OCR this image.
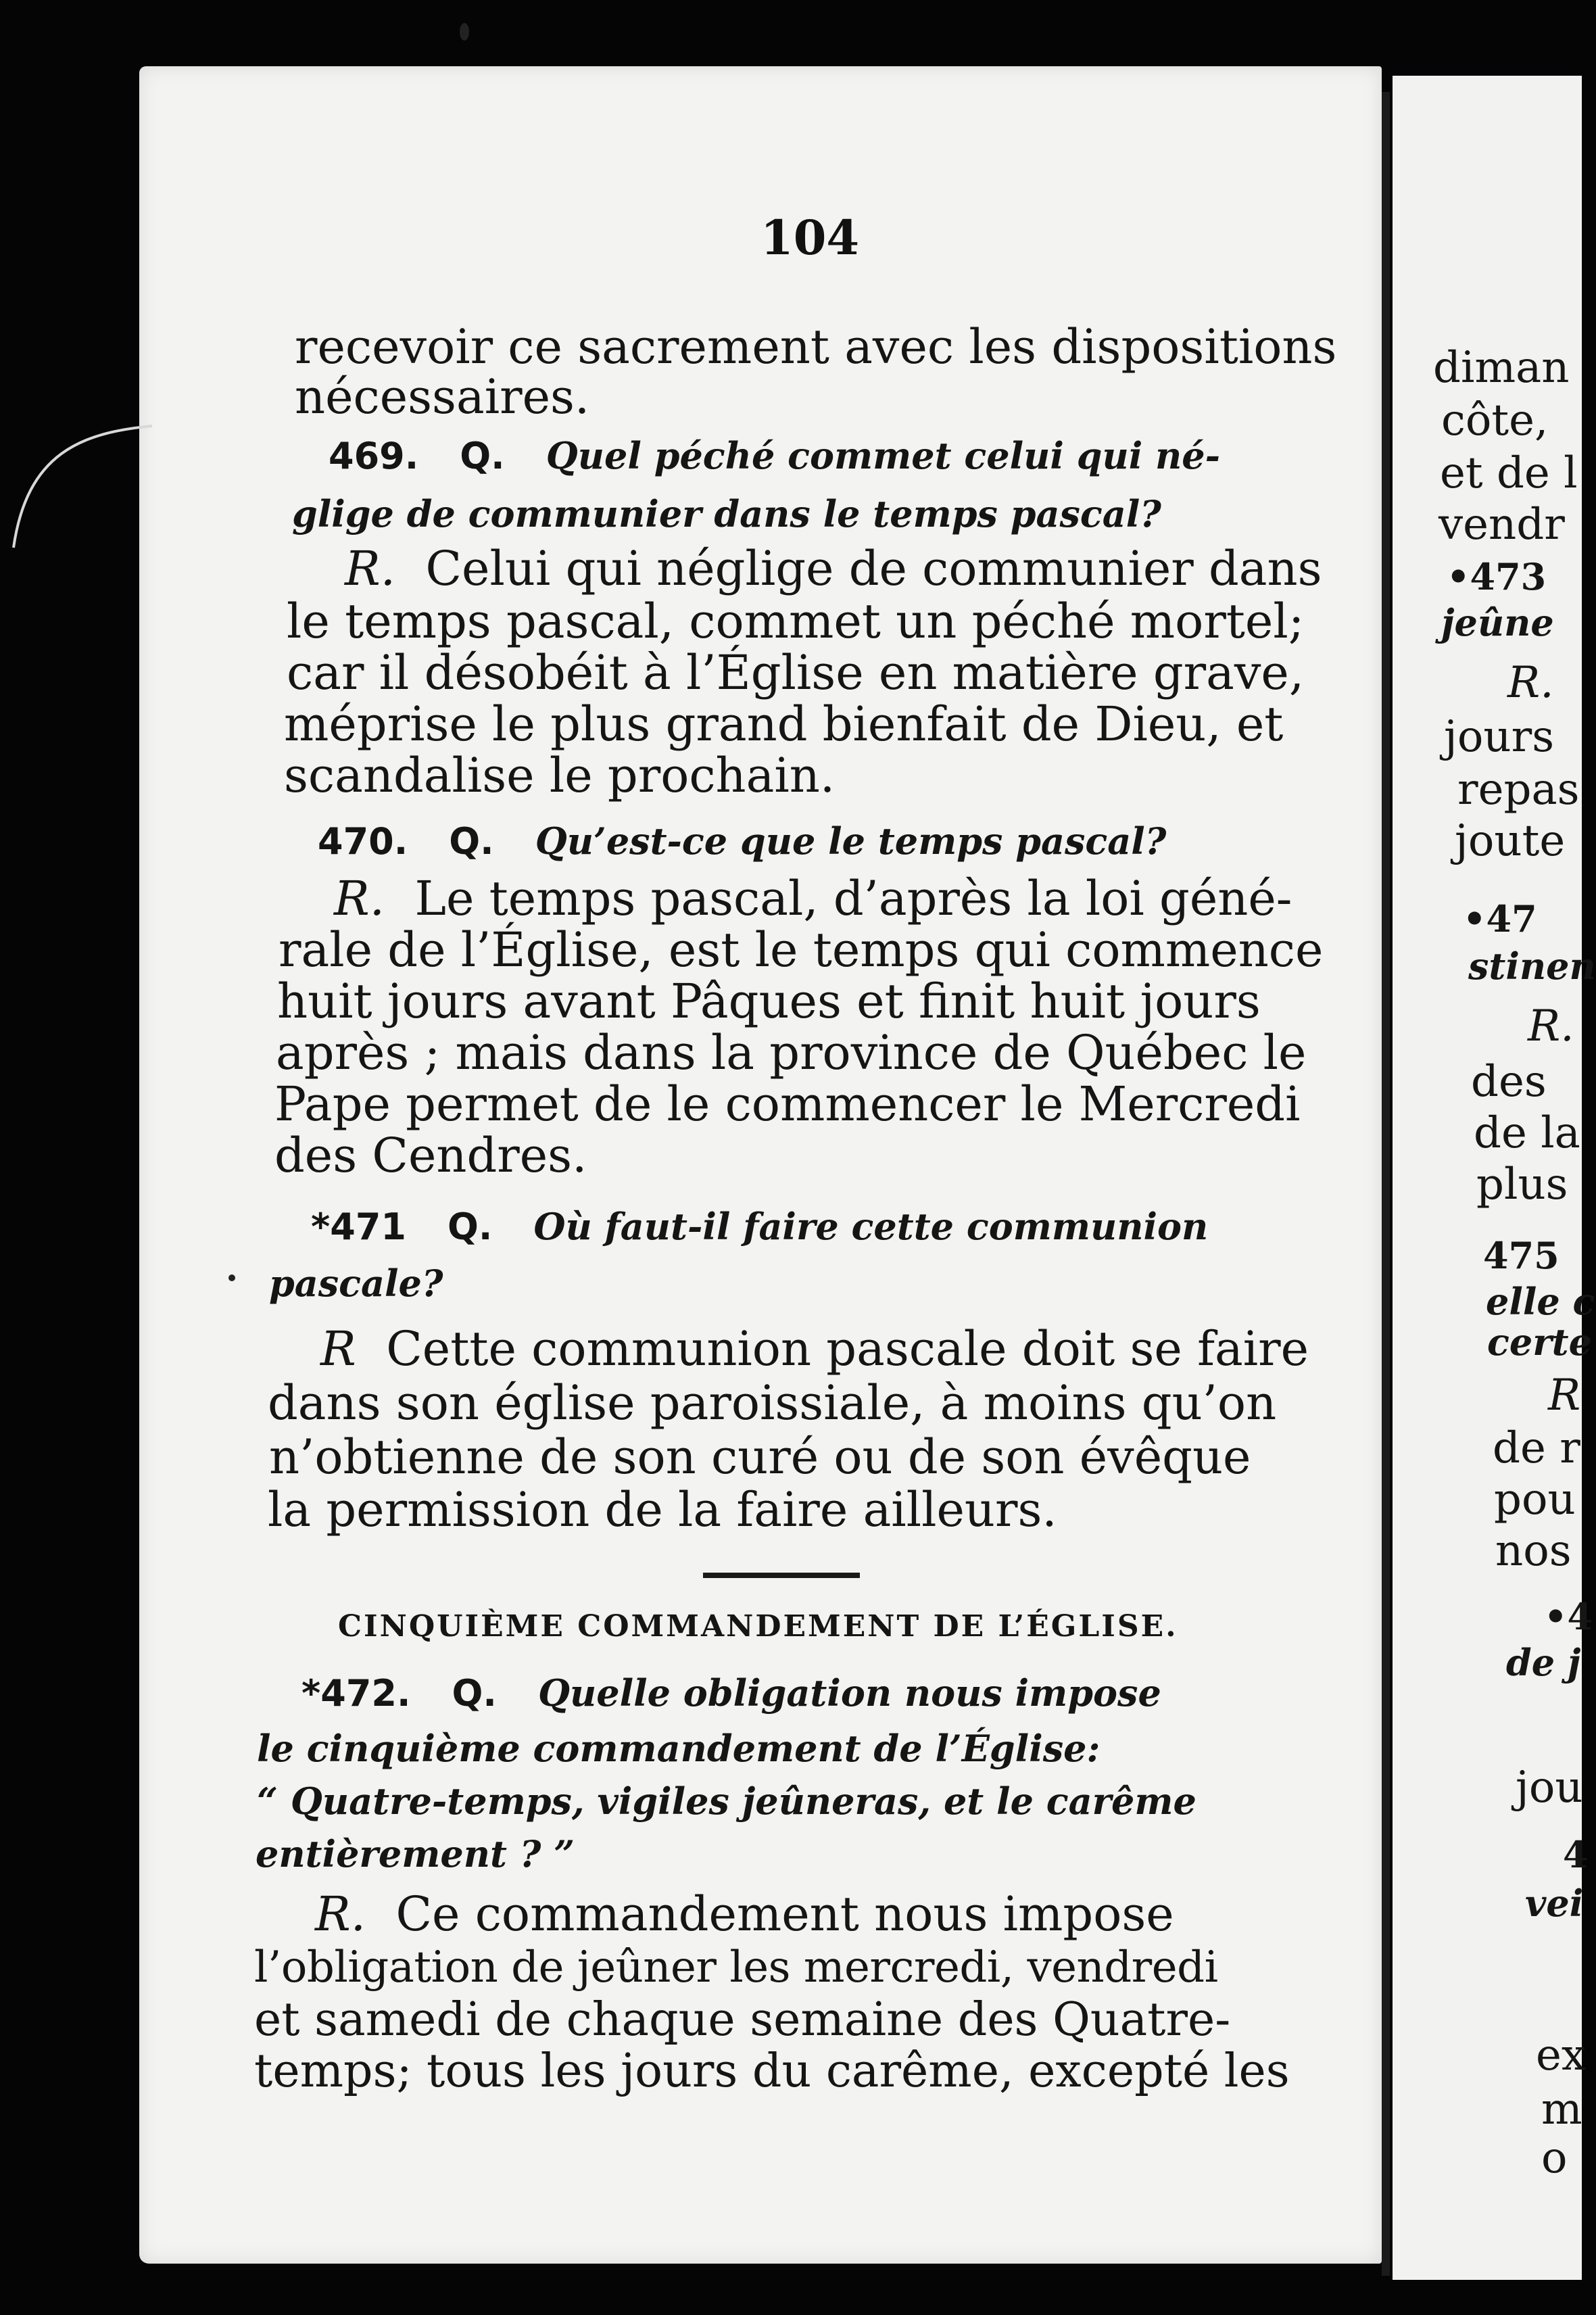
diman
côte,
et de l
vendr
•473
jeûne
R.
jours
repas
joute
•47
stinen
R.
des
de la
plus
475
elle c
certe
R
de r
pou
nos
•4
de j
jou
4
vei
ex
m
o
104
recevoir ce sacrement avec les dispositions
nécessaires.
469. Q. Quel péché commet celui qui né-
glige de communier dans le temps pascal?
R. Celui qui néglige de communier dans
le temps pascal, commet un péché mortel;
car il désobéit à l’Église en matière grave,
méprise le plus grand bienfait de Dieu, et
scandalise le prochain.
470. Q. Qu’est-ce que le temps pascal?
R. Le temps pascal, d’après la loi géné-
rale de l’Église, est le temps qui commence
huit jours avant Pâques et finit huit jours
après ; mais dans la province de Québec le
Pape permet de le commencer le Mercredi
des Cendres.
*471 Q. Où faut-il faire cette communion
pascale?
R Cette communion pascale doit se faire
dans son église paroissiale, à moins qu’on
n’obtienne de son curé ou de son évêque
la permission de la faire ailleurs.
CINQUIÈME COMMANDEMENT DE L’ÉGLISE.
*472. Q. Quelle obligation nous impose
le cinquième commandement de l’Église:
“ Quatre-temps, vigiles jeûneras, et le carême
entièrement ? ”
R. Ce commandement nous impose
l’obligation de jeûner les mercredi, vendredi
et samedi de chaque semaine des Quatre-
temps; tous les jours du carême, excepté les
